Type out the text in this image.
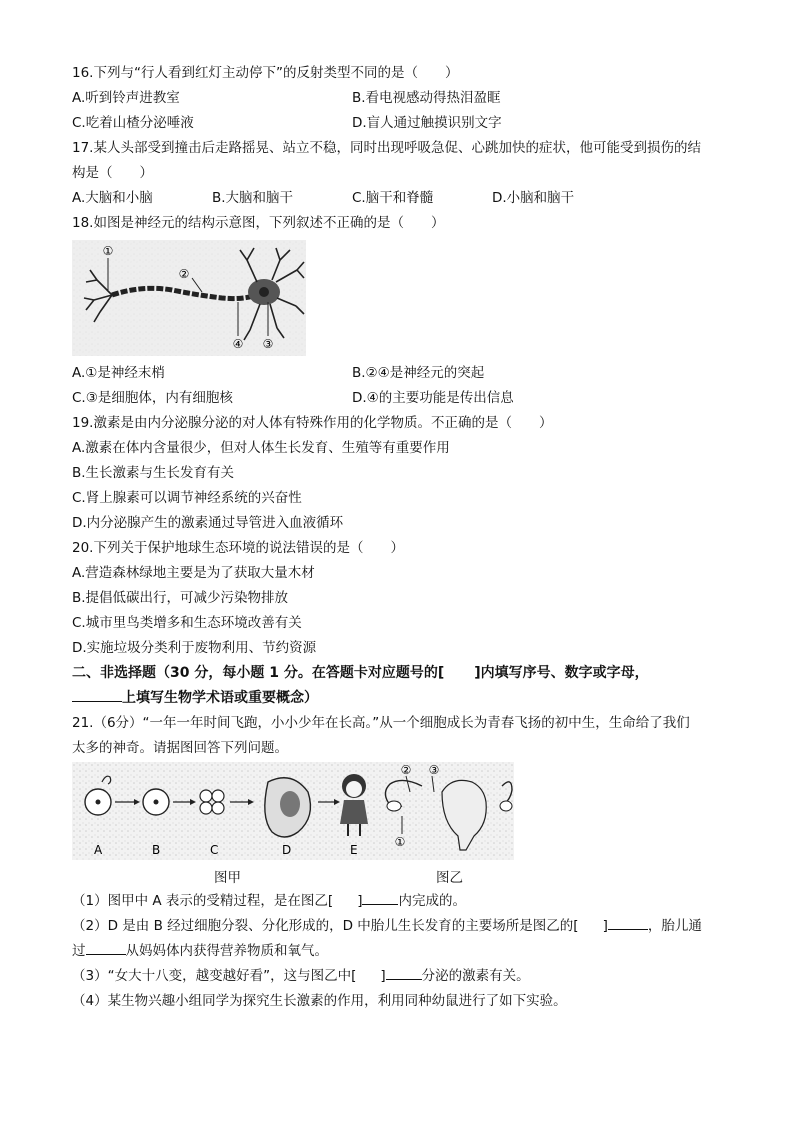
16.下列与“行人看到红灯主动停下”的反射类型不同的是（　　）
A.听到铃声进教室	B.看电视感动得热泪盈眶
C.吃着山楂分泌唾液	D.盲人通过触摸识别文字
17.某人头部受到撞击后走路摇晃、站立不稳，同时出现呼吸急促、心跳加快的症状，他可能受到损伤的结
构是（　　）
A.大脑和小脑	B.大脑和脑干	C.脑干和脊髓	D.小脑和脑干
18.如图是神经元的结构示意图，下列叙述不正确的是（　　）
①
②
④ ③
A.①是神经末梢	B.②④是神经元的突起
C.③是细胞体，内有细胞核	D.④的主要功能是传出信息
19.激素是由内分泌腺分泌的对人体有特殊作用的化学物质。不正确的是（　　）
A.激素在体内含量很少，但对人体生长发育、生殖等有重要作用
B.生长激素与生长发育有关
C.肾上腺素可以调节神经系统的兴奋性
D.内分泌腺产生的激素通过导管进入血液循环
20.下列关于保护地球生态环境的说法错误的是（　　）
A.营造森林绿地主要是为了获取大量木材
B.提倡低碳出行，可减少污染物排放
C.城市里鸟类增多和生态环境改善有关
D.实施垃圾分类利于废物利用、节约资源
二、非选择题（30 分，每小题 1 分。在答题卡对应题号的[ ]内填写序号、数字或字母，
上填写生物学术语或重要概念）
21.（6分）“一年一年时间飞跑，小小少年在长高。”从一个细胞成长为青春飞扬的初中生，生命给了我们
太多的神奇。请据图回答下列问题。
② ③
①
A	B	C	D	E
图甲	图乙
（1）图甲中 A 表示的受精过程，是在图乙[ ]	内完成的。
（2）D 是由 B 经过细胞分裂、分化形成的，D 中胎儿生长发育的主要场所是图乙的[ ]	，胎儿通
过	从妈妈体内获得营养物质和氧气。
（3）“女大十八变，越变越好看”，这与图乙中[ ]	分泌的激素有关。
（4）某生物兴趣小组同学为探究生长激素的作用，利用同种幼鼠进行了如下实验。
